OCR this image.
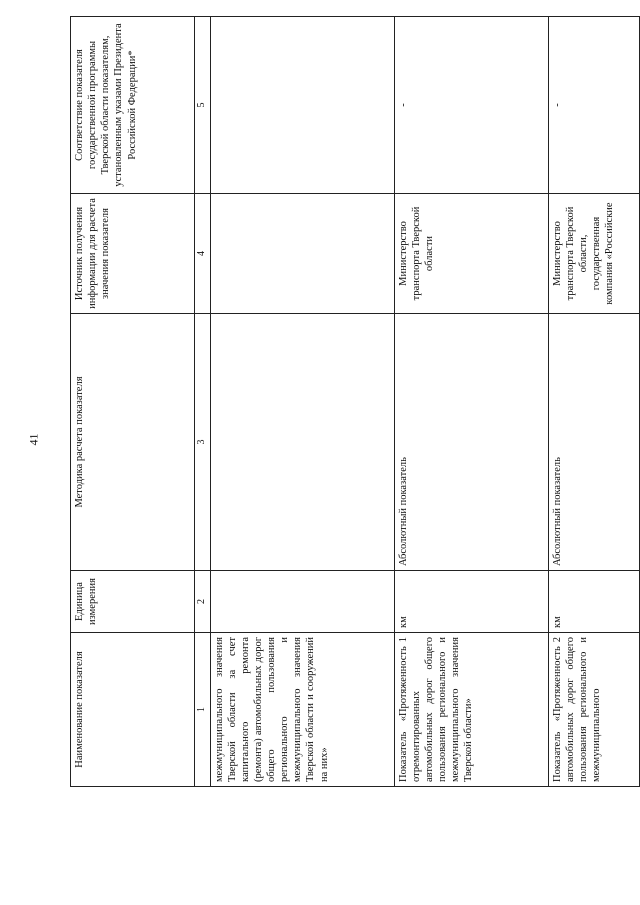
41
Наименование показателя	Единица измерения	Методика расчета показателя	Источник получения информации для расчета значения показателя	Соответствие показателя государственной программы Тверской области показателям, установленным указами Президента Российской Федерации*
1	2	3	4	5

межмуниципального значения Тверской области за счет капитального ремонта (ремонта) автомобильных дорог общего пользования регионального и межмуниципального значения Тверской области и сооружений на них»				

1
Показатель «Протяженность отремонтированных автомобильных дорог общего пользования регионального и межмуниципального значения Тверской области»	км	Абсолютный показатель	Министерство транспорта Тверской области	-

2
Показатель «Протяженность автомобильных дорог общего пользования регионального и межмуниципального	км	Абсолютный показатель	Министерство транспорта Тверской области, государственная компания «Российские	-
